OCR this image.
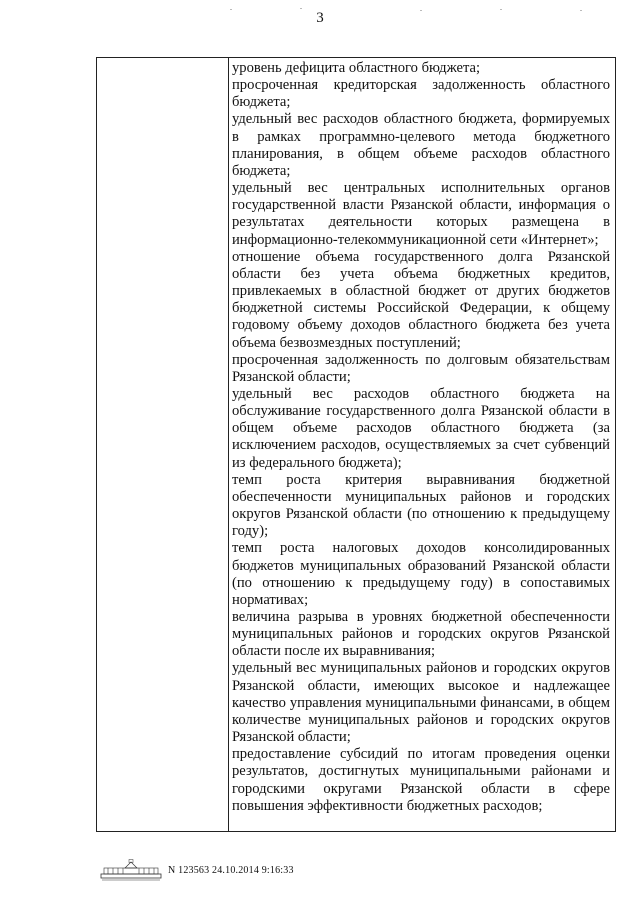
3

уровень дефицита областного бюджета;

просроченная кредиторская задолженность областного бюджета;

удельный вес расходов областного бюджета, формируемых в рамках программно-целевого метода бюджетного планирования, в общем объеме расходов областного бюджета;

удельный вес центральных исполнительных органов государственной власти Рязанской области, информация о результатах деятельности которых размещена в информационно-телекоммуникационной сети «Интернет»;

отношение объема государственного долга Рязанской области без учета объема бюджетных кредитов, привлекаемых в областной бюджет от других бюджетов бюджетной системы Российской Федерации, к общему годовому объему доходов областного бюджета без учета объема безвозмездных поступлений;

просроченная задолженность по долговым обязательствам Рязанской области;

удельный вес расходов областного бюджета на обслуживание государственного долга Рязанской области в общем объеме расходов областного бюджета (за исключением расходов, осуществляемых за счет субвенций из федерального бюджета);

темп роста критерия выравнивания бюджетной обеспеченности муниципальных районов и городских округов Рязанской области (по отношению к предыдущему году);

темп роста налоговых доходов консолидированных бюджетов муниципальных образований Рязанской области (по отношению к предыдущему году) в сопоставимых нормативах;

величина разрыва в уровнях бюджетной обеспеченности муниципальных районов и городских округов Рязанской области после их выравнивания;

удельный вес муниципальных районов и городских округов Рязанской области, имеющих высокое и надлежащее качество управления муниципальными финансами, в общем количестве муниципальных районов и городских округов Рязанской области;

предоставление субсидий по итогам проведения оценки результатов, достигнутых муниципальными районами и городскими округами Рязанской области в сфере повышения эффективности бюджетных расходов;

N 123563 24.10.2014 9:16:33
